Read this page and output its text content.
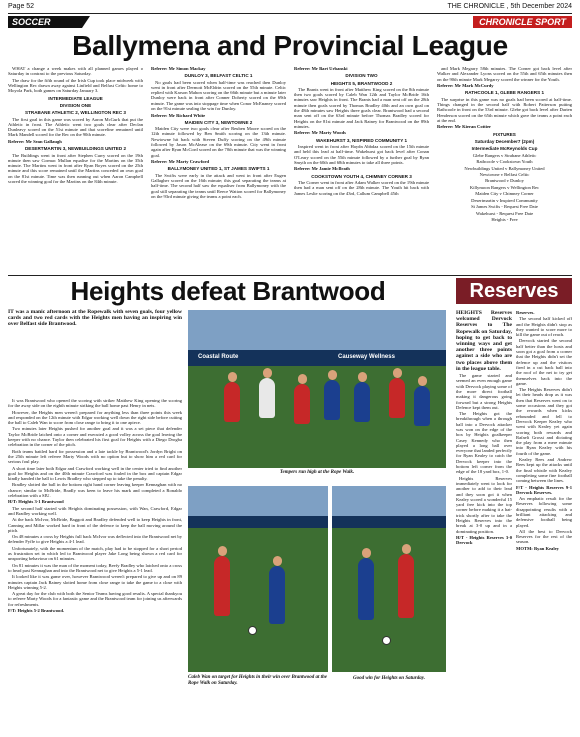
Page 52	THE CHRONICLE , 5th December 2024
SOCCER	CHRONICLE SPORT
Ballymena and Provincial League

WHAT a change a week makes with all planned games played o Saturday in contrast to the previous Saturday.

The draw for the fifth round of the Irish Cup took place midweek with Wellington Rec drawn away against Linfield and Belfast Celtic home to Moyola Park, both games on Saturday January 3.

INTERMEDIATE LEAGUE

DIVISION ONE

STRABANE ATHLETIC 2, WELLINGTON REC 3

The first goal in this game was scored by Aaron McGurk that put the Athletic in front. The Athletic went two goals clear after Declan Dunleavy scored on the 51st minute and that scoreline remained until Mark Mandell scored for the Rec on the 90th minute.

Referee: Mr Sean Gallaugh

DESERTMARTIN 3, NEWBUILDINGS UNITED 2

The Buildings went in front after Stephen Curry scored on the 19th minute then saw Cormac Mullan equalise for the Martins on the 35th minute. The Martins went in front after Ryan Boyes scored on the 25th minute and this score remained until the Martins conceded an own goal on the 81st minute. Time was then running out when Aaron Campbell scored the winning goal for the Martins on the 84th minute.

Referee: Mr Simon Mackay

DUNLOY 3, BELFAST CELTIC 1

No goals had been scored when half-time was reached then Dunloy went in front after Dermott McEldrin scored on the 55th minute. Celtic replied with Karson Mahon scoring on the 66th minute but a minute later Dunloy were back in front after Conner Doherty scored on the 69th minute. The game was into stoppage time when Conor McEnaney scored on the 91st minute sealing the win for Dunloy.

Referee: Mr Richard White

MAIDEN CITY 3, NEWTOWNE 2

Maiden City were two goals clear after Reuben Moore scored on the 12th minute followed by Ben Smith scoring on the 13th minute. Newtowne hit back with Steven Duffy scoring on the 49th minute followed by Jason McAlease on the 69th minute. City went in front again after Ryan McCord scored on the 70th minute that was the winning goal.

Referee: Mr Marty Crawford

BALLYMONEY UNITED 1, ST JAMES SWIFTS 1

The Swifts were early in the attack and went in front after Eugen Gallagher scored on the 16th minute; this goal separating the teams at half-time. The second half saw the equaliser from Ballymoney with the goal still separating the teams until Reece Watton scored for Ballymoney on the 93rd minute giving the teams a point each.

Referee: Mr Bart Urbanski

DIVISION TWO

HEIGHTS 5, BRANTWOOD 2

The Brants went in front after Matthew King scored on the 8th minute then two goals scored by Caleb Wan 12th and Taylor McBride 16th minutes saw Heights in front. The Brants had a man sent off on the 28th minute then goals scored by Thomas Bradley 40th and an own goal on the 48th minutes saw Heights three goals clear. Brantwood had a second man sent off on the 63rd minute before Thomas Bradley scored for Heights on the 81st minute and Jack Rainey for Brantwood on the 89th minutes.

Referee: Mr Marty Woods

WAKEHURST 3, NISPIRED COMMUNITY 1

Inspired went in front after Haydn Abbdaa scored on the 15th minute and held this lead at half-time. Wakehurst got back level after Conan O'Leary scored on the 55th minute followed by a further goal by Ryan Smyth on the 60th and 68th minutes to take all three points.

Referee: Mr Jamie McIlrath

COOKSTOWN YOUTH 4, CHIMNEY CORNER 3

The Corner went in front after Adam Walker scored on the 19th minute then had a man sent off on the 28th minute. The Youth hit back with James Leslie scoring on the 43rd, Callum Campbell 45th

and Mark Megarry 58th minutes. The Corner got back level after Walker and Alexander Lyons scored on the 55th and 65th minutes then on the 90th minute Mark Megarry scored the winner for the Youth.

Referee: Mr Mark McCurdy

RATHCOOLE 1, GLEBE RANGERS 1

The surprise in this game was no goals had been scored at half-time. Things changed in the second half with Robert Patterson putting Rathcoole in front on the 53rd minute. Glebe got back level after Darien Henderson scored on the 65th minute which gave the teams a point each at the end.

Referee: Mr Kieran Cottier

FIXTURES

Saturday December7 (2pm)

Intermediate McReynolds Cup

Glebe Rangers v Strabane Athletic

Rathcoole v Cookstown Youth

Newbuildings United v Ballymoney United

Newtowne v Belfast Celtic

Brantwood v Dunloy

Killymoon Rangers v Wellington Rec

Maiden City v Chimney Corner

Desertmartin v Inspired Community

St James Swifts - Request Free Date

Wakehurst - Request Free Date

Heights - Free

Heights defeat Brantwood	Reserves
IT was a manic afternoon at the Ropewalk with seven goals, four yellow cards and two red cards with the Heights men having an inspiring win over Belfast side Brantwood.

It was Brantwood who opened the scoring with striker Matthew King opening the scoring for the away side on the eighth minute striking the ball home past Henry in nets.

However, the Heights men weren't prepared for anything less than three points this week and responded on the 12th minute with Edgar working well down the right side before cutting the ball to Caleb Wan to score from close range to bring it to one apiece.

Two minutes later Heights pushed for another goal and it was a set piece that defender Taylor McBride latched onto a corner and executed a good volley across the goal leaving the keeper with no chance. Taylor then celebrated his first goal for Heights with a Diego Drogba celebration in the corner of the pitch.

Both teams battled hard for possession and a late tackle by Brantwood's Jordyn Bright on the 25th minute left referee Marty Woods with no option but to show him a red card for serious foul play.

A short time later both Edgar and Crawford working well in the center tried to find another goal for Heights and on the 40th minute Crawford was fouled in the box and captain Edgar kindly handed the ball to Lewis Bradley who stepped up to take the penalty.

Bradley slotted the ball in the bottom right hand corner leaving keeper Kennaghan with no chance; similar to McBride, Bradly was keen to leave his mark and completed a Ronaldo celebration with a SIU.

H/T: Heights 3-1 Brantwood

The second half started with Heights dominating possession, with Wan, Crawford, Edgar and Bradley working well.

At the back McIvor, McBride, Baggott and Bradley defended well to keep Heights in front, Canning and Millar worked hard in front of the defence to keep the ball moving around the pitch.

On 48 minutes a cross by Heights full back McIvor was deflected into the Brantwood net by defender Fyffe to give Heights a 4-1 lead.

Unfortunately, with the momentum of the match, play had to be stopped for a short period as frustration set in which led to Brantwood player Jake Long being shown a red card for unsporting behaviour on 61 minutes.

On 81 minutes it was the man of the moment today, Beefy Bradley who latched onto a cross to head past Kennaghan and into the Brantwood net to give Heights a 5-1 lead.

It looked like it was game over, however Brantwood weren't prepared to give up and on 89 minutes captain Jack Rainey slotted home from close range to take the game to a close with Heights winning 5-2.

A great day for the club with both the Senior Teams having good results. A special thankyou to referee Marty Woods for a fantastic game and the Brantwood team for joining us afterwards for refreshments.

F/T: Heights 5-2 Brantwood.

Coastal Route	Causeway Wellness
Tempers run high at the Rope Walk.
Caleb Wan on target for Heights in their win over Brantwood at the Rope Walk on Saturday.
Good win for Heights on Saturday.

HEIGHTS Reserves welcomed Dervock Reserves to The Ropewalk on Saturday, hoping to get back to winning ways and get another three points against a side who are two places above them in the league table.

The game started and seemed an even enough game with Dervock playing some of the more direct football making it dangerous going forward but a strong Heights Defence kept them out.

The Heights got the breakthrough when a through ball into a Dervock attacker was won on the edge of the box by Heights goalkeeper Casey Kennedy who then played a long ball over everyone that landed perfectly for Ryan Kealey to catch the Dervock keeper into the bottom left corner from the edge of the 18 yard box, 1-0.

Heights Reserves immediately went to look for another to add to their lead and they soon got it when Kealey scored a wonderful 15 yard free kick into the top corner before making it a hat-trick shortly after to take the Heights Reserves into the break at 3-0 up and in a dominating position.

H/T - Heights Reserves 3-0 Dervock

Reserves.

The second half kicked off and the Heights didn't stop as they wanted to score more to kill the game out of reach.

Dervock started the second half better than the hosts and soon got a goal from a corner that the Heights didn't set the defence up and the visitors fired in a cut back ball into the roof of the net to try get themselves back into the game.

The Heights Reserves didn't let their heads drop as it was then that Reserves went on to some occasions and they got the rewards when kicks rebounded and fell to Dervock Keeper Kealey who went with Kealey yet again scoring both rewards and Rafaeli Grossi and dictating the play from a mere minute into Ryan Kealey with his fourth of the game.

Kealey Rees and Andrew Rees kept up the attacks until the final whistle with Kealey completing some fine football coming between the lines.

F/T - Heights Reserves 9-1 Dervock Reserves.

An emphatic result for the Reserves following some disappointing results with a brilliant attacking and defensive football being played.

All the best to Dervock Reserves for the rest of the season.

MOTM: Ryan Kealey
